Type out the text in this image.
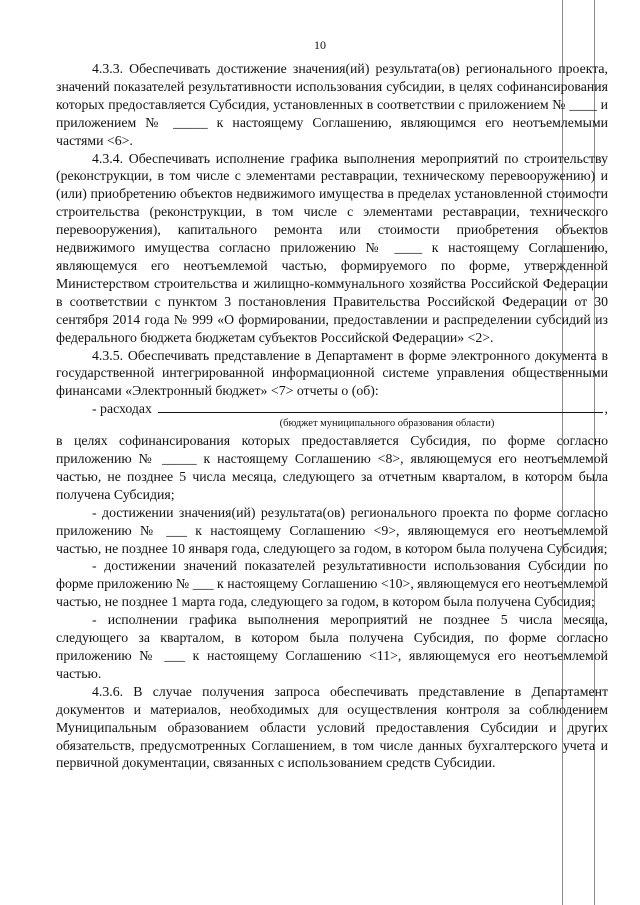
10

4.3.3. Обеспечивать достижение значения(ий) результата(ов) регионального проекта, значений показателей результативности использования субсидии, в целях софинансирования которых предоставляется Субсидия, установленных в соответствии с приложением № ____ и приложением № _____ к настоящему Соглашению, являющимся его неотъемлемыми частями <6>.

4.3.4. Обеспечивать исполнение графика выполнения мероприятий по строительству (реконструкции, в том числе с элементами реставрации, техническому перевооружению) и (или) приобретению объектов недвижимого имущества в пределах установленной стоимости строительства (реконструкции, в том числе с элементами реставрации, технического перевооружения), капитального ремонта или стоимости приобретения объектов недвижимого имущества согласно приложению № ____ к настоящему Соглашению, являющемуся его неотъемлемой частью, формируемого по форме, утвержденной Министерством строительства и жилищно-коммунального хозяйства Российской Федерации в соответствии с пунктом 3 постановления Правительства Российской Федерации от 30 сентября 2014 года № 999 «О формировании, предоставлении и распределении субсидий из федерального бюджета бюджетам субъектов Российской Федерации» <2>.

4.3.5. Обеспечивать представление в Департамент в форме электронного документа в государственной интегрированной информационной системе управления общественными финансами «Электронный бюджет» <7> отчеты о (об):

- расходах	,
(бюджет муниципального образования области)

в целях софинансирования которых предоставляется Субсидия, по форме согласно приложению № _____ к настоящему Соглашению <8>, являющемуся его неотъемлемой частью, не позднее 5 числа месяца, следующего за отчетным кварталом, в котором была получена Субсидия;

- достижении значения(ий) результата(ов) регионального проекта по форме согласно приложению № ___ к настоящему Соглашению <9>, являющемуся его неотъемлемой частью, не позднее 10 января года, следующего за годом, в котором была получена Субсидия;

- достижении значений показателей результативности использования Субсидии по форме приложению № ___ к настоящему Соглашению <10>, являющемуся его неотъемлемой частью, не позднее 1 марта года, следующего за годом, в котором была получена Субсидия;

- исполнении графика выполнения мероприятий не позднее 5 числа месяца, следующего за кварталом, в котором была получена Субсидия, по форме согласно приложению № ___ к настоящему Соглашению <11>, являющемуся его неотъемлемой частью.

4.3.6. В случае получения запроса обеспечивать представление в Департамент документов и материалов, необходимых для осуществления контроля за соблюдением Муниципальным образованием области условий предоставления Субсидии и других обязательств, предусмотренных Соглашением, в том числе данных бухгалтерского учета и первичной документации, связанных с использованием средств Субсидии.
